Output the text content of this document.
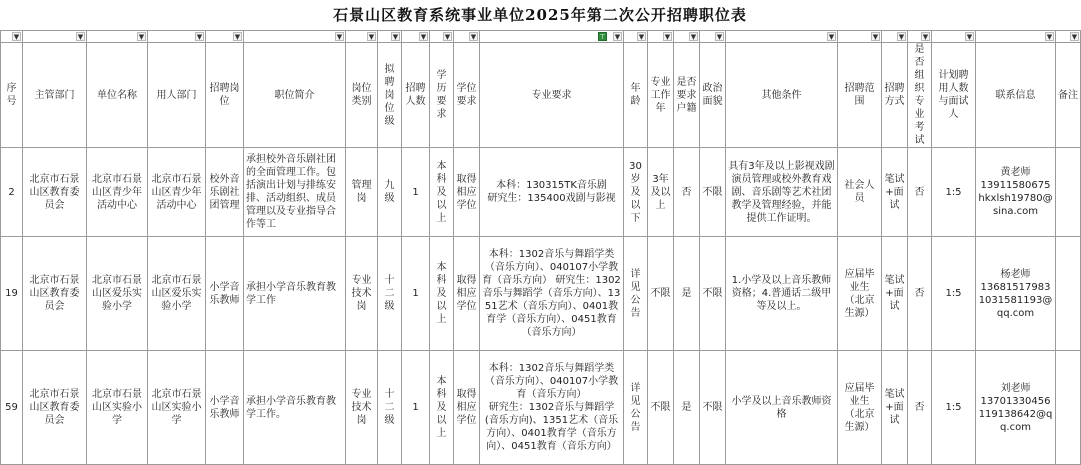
石景山区教育系统事业单位2025年第二次公开招聘职位表
▼	▼	▼	▼	▼	▼	▼	▼	▼	▼	▼	▼
⊤	▼	▼	▼	▼	▼	▼	▼	▼	▼	▼	▼

序号	主管部门	单位名称	用人部门	招聘岗位	职位简介	岗位类别	拟聘岗位级	招聘人数	学历要求	学位要求	专业要求	年龄	专业工作年	是否要求户籍	政治面貌	其他条件	招聘范围	招聘方式	是否组织专业考试	计划聘用人数与面试人	联系信息	备注
2	北京市石景山区教育委员会	北京市石景山区青少年活动中心	北京市石景山区青少年活动中心	校外音乐剧社团管理	承担校外音乐剧社团的全面管理工作。包括演出计划与排练安排、活动组织、成员管理以及专业指导合作等工	管理岗	九级	1	本科及以上	取得相应学位	本科：130315TK音乐剧
研究生：135400戏剧与影视	30岁及以下	3年及以上	否	不限	具有3年及以上影视戏剧演员管理或校外教育戏剧、音乐剧等艺术社团教学及管理经验，并能提供工作证明。	社会人员	笔试+面试	否	1:5	黄老师
13911580675
hkxlsh19780@sina.com	
19	北京市石景山区教育委员会	北京市石景山区爱乐实验小学	北京市石景山区爱乐实验小学	小学音乐教师	承担小学音乐教育教学工作	专业技术岗	十二级	1	本科及以上	取得相应学位	本科：1302音乐与舞蹈学类（音乐方向）、040107小学教育（音乐方向） 研究生：1302音乐与舞蹈学（音乐方向）、1351艺术（音乐方向）、0401教育学（音乐方向）、0451教育（音乐方向）	详见公告	不限	是	不限	1.小学及以上音乐教师资格；4.普通话二级甲等及以上。	应届毕业生（北京生源）	笔试+面试	否	1:5	杨老师
13681517983
1031581193@qq.com	
59	北京市石景山区教育委员会	北京市石景山区实验小学	北京市石景山区实验小学	小学音乐教师	承担小学音乐教育教学工作。	专业技术岗	十二级	1	本科及以上	取得相应学位	本科：1302音乐与舞蹈学类（音乐方向）、040107小学教育（音乐方向）
研究生：1302音乐与舞蹈学(音乐方向)、1351艺术（音乐方向）、0401教育学（音乐方向）、0451教育（音乐方向）	详见公告	不限	是	不限	小学及以上音乐教师资格	应届毕业生（北京生源）	笔试+面试	否	1:5	刘老师
13701330456
119138642@qq.com	
